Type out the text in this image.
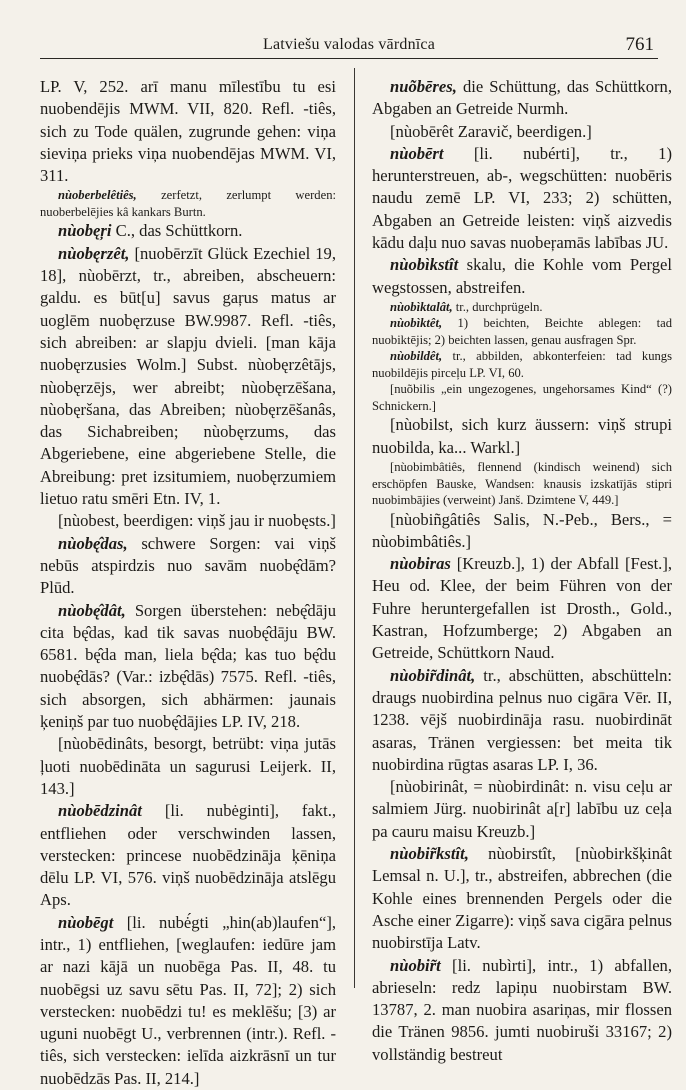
Latviešu valodas vārdnīca	761

LP. V, 252. arī manu mīlestību tu esi nuobendējis MWM. VII, 820. Refl. -tiês, sich zu Tode quälen, zugrunde gehen: viņa sieviņa prieks viņa nuobendējas MWM. VI, 311.

nùoberbelêtiês, zerfetzt, zerlumpt werden: nuoberbelējies kâ kankars Burtn.

nùobęŗi C., das Schüttkorn.

nùobęrzêt, [nuobērzīt Glück Ezechiel 19, 18], nùobērzt, tr., abreiben, abscheuern: galdu. es būt[u] savus gaŗus matus ar uoglēm nuobęrzuse BW.9987. Refl. -tiês, sich abreiben: ar slapju dvieli. [man kāja nuobęrzusies Wolm.] Subst. nùobęrzêtājs, nùobęrzējs, wer abreibt; nùobęrzēšana, nùobęršana, das Abreiben; nùobęrzēšanâs, das Sichabreiben; nùobęrzums, das Abgeriebene, eine abgeriebene Stelle, die Abreibung: pret izsitumiem, nuobęrzumiem lietuo ratu smēri Etn. IV, 1.

[nùobest, beerdigen: viņš jau ir nuobęsts.]

nùobę̂das, schwere Sorgen: vai viņš nebūs atspirdzis nuo savām nuobę̂dām? Plūd.

nùobę̂dât, Sorgen überstehen: nebę̂dāju cita bę̂das, kad tik savas nuobę̂dāju BW. 6581. bę̂da man, liela bę̂da; kas tuo bę̂du nuobę̂dās? (Var.: izbę̂dās) 7575. Refl. -tiês, sich absorgen, sich abhärmen: jaunais ķeniņš par tuo nuobę̂dājies LP. IV, 218.

[nùobēdinâts, besorgt, betrübt: viņa jutās ļuoti nuobēdināta un sagurusi Leijerk. II, 143.]

nùobēdzinât [li. nubėginti], fakt., entfliehen oder verschwinden lassen, verstecken: princese nuobēdzināja ķēniņa dēlu LP. VI, 576. viņš nuobēdzināja atslēgu Aps.

nùobēgt [li. nubė́gti „hin(ab)laufen“], intr., 1) entfliehen, [weglaufen: iedūre jam ar nazi kājā un nuobēga Pas. II, 48. tu nuobēgsi uz savu sētu Pas. II, 72]; 2) sich verstecken: nuobēdzi tu! es meklēšu; [3) ar uguni nuobēgt U., verbrennen (intr.). Refl. -tiês, sich verstecken: ielīda aizkrāsnī un tur nuobēdzās Pas. II, 214.]

nuõbēres, die Schüttung, das Schüttkorn, Abgaben an Getreide Nurmh.

[nùobērêt Zaravič, beerdigen.]

nùobērt [li. nubérti], tr., 1) herunterstreuen, ab-, wegschütten: nuobēris naudu zemē LP. VI, 233; 2) schütten, Abgaben an Getreide leisten: viņš aizvedis kādu daļu nuo savas nuobeŗamās labības JU.

nùobìkstît skalu, die Kohle vom Pergel wegstossen, abstreifen.

nùobìktalât, tr., durchprügeln.

nùobìktêt, 1) beichten, Beichte ablegen: tad nuobiktējis; 2) beichten lassen, genau ausfragen Spr.

nùobildêt, tr., abbilden, abkonterfeien: tad kungs nuobildējis pirceļu LP. VI, 60.

[nuõbilis „ein ungezogenes, ungehorsames Kind“ (?) Schnickern.]

[nùobilst, sich kurz äussern: viņš strupi nuobilda, ka... Warkl.]

[nùobimbâtiês, flennend (kindisch weinend) sich erschöpfen Bauske, Wandsen: knausis izskatījās stipri nuobimbājies (verweint) Janš. Dzimtene V, 449.]

[nùobiñgâtiês Salis, N.-Peb., Bers., = nùobimbâtiês.]

nùobiras [Kreuzb.], 1) der Abfall [Fest.], Heu od. Klee, der beim Führen von der Fuhre heruntergefallen ist Drosth., Gold., Kastran, Hofzumberge; 2) Abgaben an Getreide, Schüttkorn Naud.

nùobir̃dinât, tr., abschütten, abschütteln: draugs nuobirdina pelnus nuo cigāra Vēr. II, 1238. vējš nuobirdināja rasu. nuobirdināt asaras, Tränen vergiessen: bet meita tik nuobirdina rūgtas asaras LP. I, 36.

[nùobirinât, = nùobirdinât: n. visu ceļu ar salmiem Jürg. nuobirinât a[r] labību uz ceļa pa cauru maisu Kreuzb.]

nùobir̃kstît, nùobirstît, [nùobirkšķinât Lemsal n. U.], tr., abstreifen, abbrechen (die Kohle eines brennenden Pergels oder die Asche einer Zigarre): viņš sava cigāra pelnus nuobirstīja Latv.

nùobir̃t [li. nubìrti], intr., 1) abfallen, abrieseln: redz lapiņu nuobirstam BW. 13787, 2. man nuobira asariņas, mir flossen die Tränen 9856. jumti nuobiruši 33167; 2) vollständig bestreut
